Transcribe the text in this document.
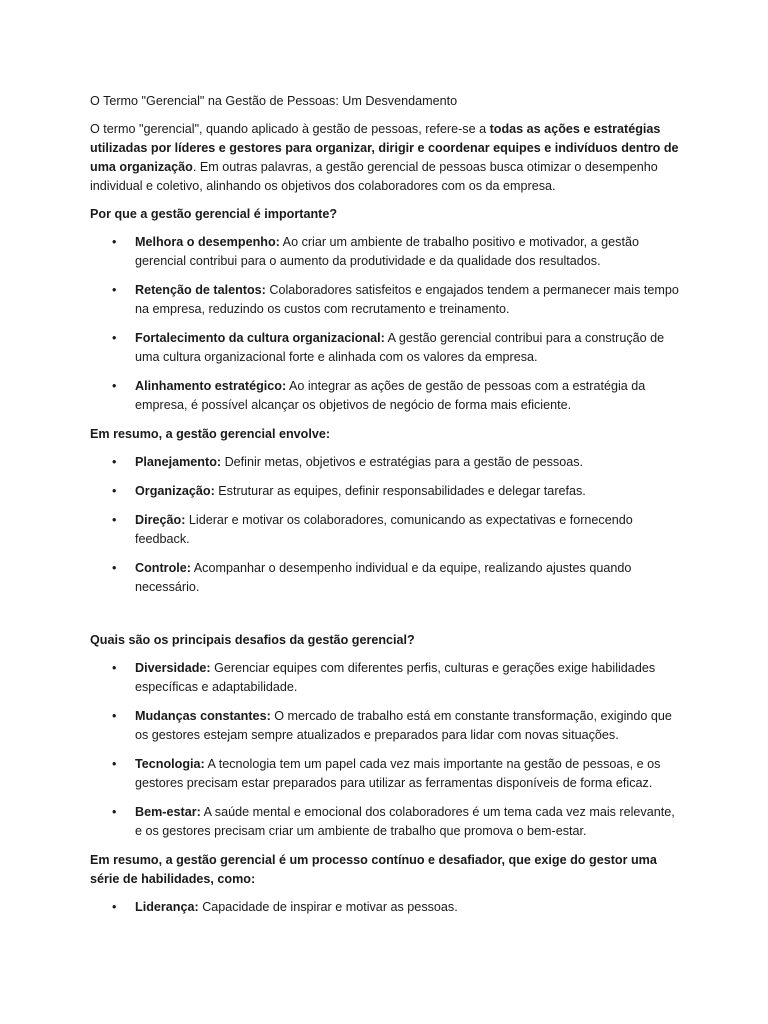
O Termo "Gerencial" na Gestão de Pessoas: Um Desvendamento

O termo "gerencial", quando aplicado à gestão de pessoas, refere-se a todas as ações e estratégias utilizadas por líderes e gestores para organizar, dirigir e coordenar equipes e indivíduos dentro de uma organização. Em outras palavras, a gestão gerencial de pessoas busca otimizar o desempenho individual e coletivo, alinhando os objetivos dos colaboradores com os da empresa.

Por que a gestão gerencial é importante?

• Melhora o desempenho: Ao criar um ambiente de trabalho positivo e motivador, a gestão gerencial contribui para o aumento da produtividade e da qualidade dos resultados.
• Retenção de talentos: Colaboradores satisfeitos e engajados tendem a permanecer mais tempo na empresa, reduzindo os custos com recrutamento e treinamento.
• Fortalecimento da cultura organizacional: A gestão gerencial contribui para a construção de uma cultura organizacional forte e alinhada com os valores da empresa.
• Alinhamento estratégico: Ao integrar as ações de gestão de pessoas com a estratégia da empresa, é possível alcançar os objetivos de negócio de forma mais eficiente.

Em resumo, a gestão gerencial envolve:

• Planejamento: Definir metas, objetivos e estratégias para a gestão de pessoas.
• Organização: Estruturar as equipes, definir responsabilidades e delegar tarefas.
• Direção: Liderar e motivar os colaboradores, comunicando as expectativas e fornecendo feedback.
• Controle: Acompanhar o desempenho individual e da equipe, realizando ajustes quando necessário.

Quais são os principais desafios da gestão gerencial?

• Diversidade: Gerenciar equipes com diferentes perfis, culturas e gerações exige habilidades específicas e adaptabilidade.
• Mudanças constantes: O mercado de trabalho está em constante transformação, exigindo que os gestores estejam sempre atualizados e preparados para lidar com novas situações.
• Tecnologia: A tecnologia tem um papel cada vez mais importante na gestão de pessoas, e os gestores precisam estar preparados para utilizar as ferramentas disponíveis de forma eficaz.
• Bem-estar: A saúde mental e emocional dos colaboradores é um tema cada vez mais relevante, e os gestores precisam criar um ambiente de trabalho que promova o bem-estar.

Em resumo, a gestão gerencial é um processo contínuo e desafiador, que exige do gestor uma série de habilidades, como:

• Liderança: Capacidade de inspirar e motivar as pessoas.
